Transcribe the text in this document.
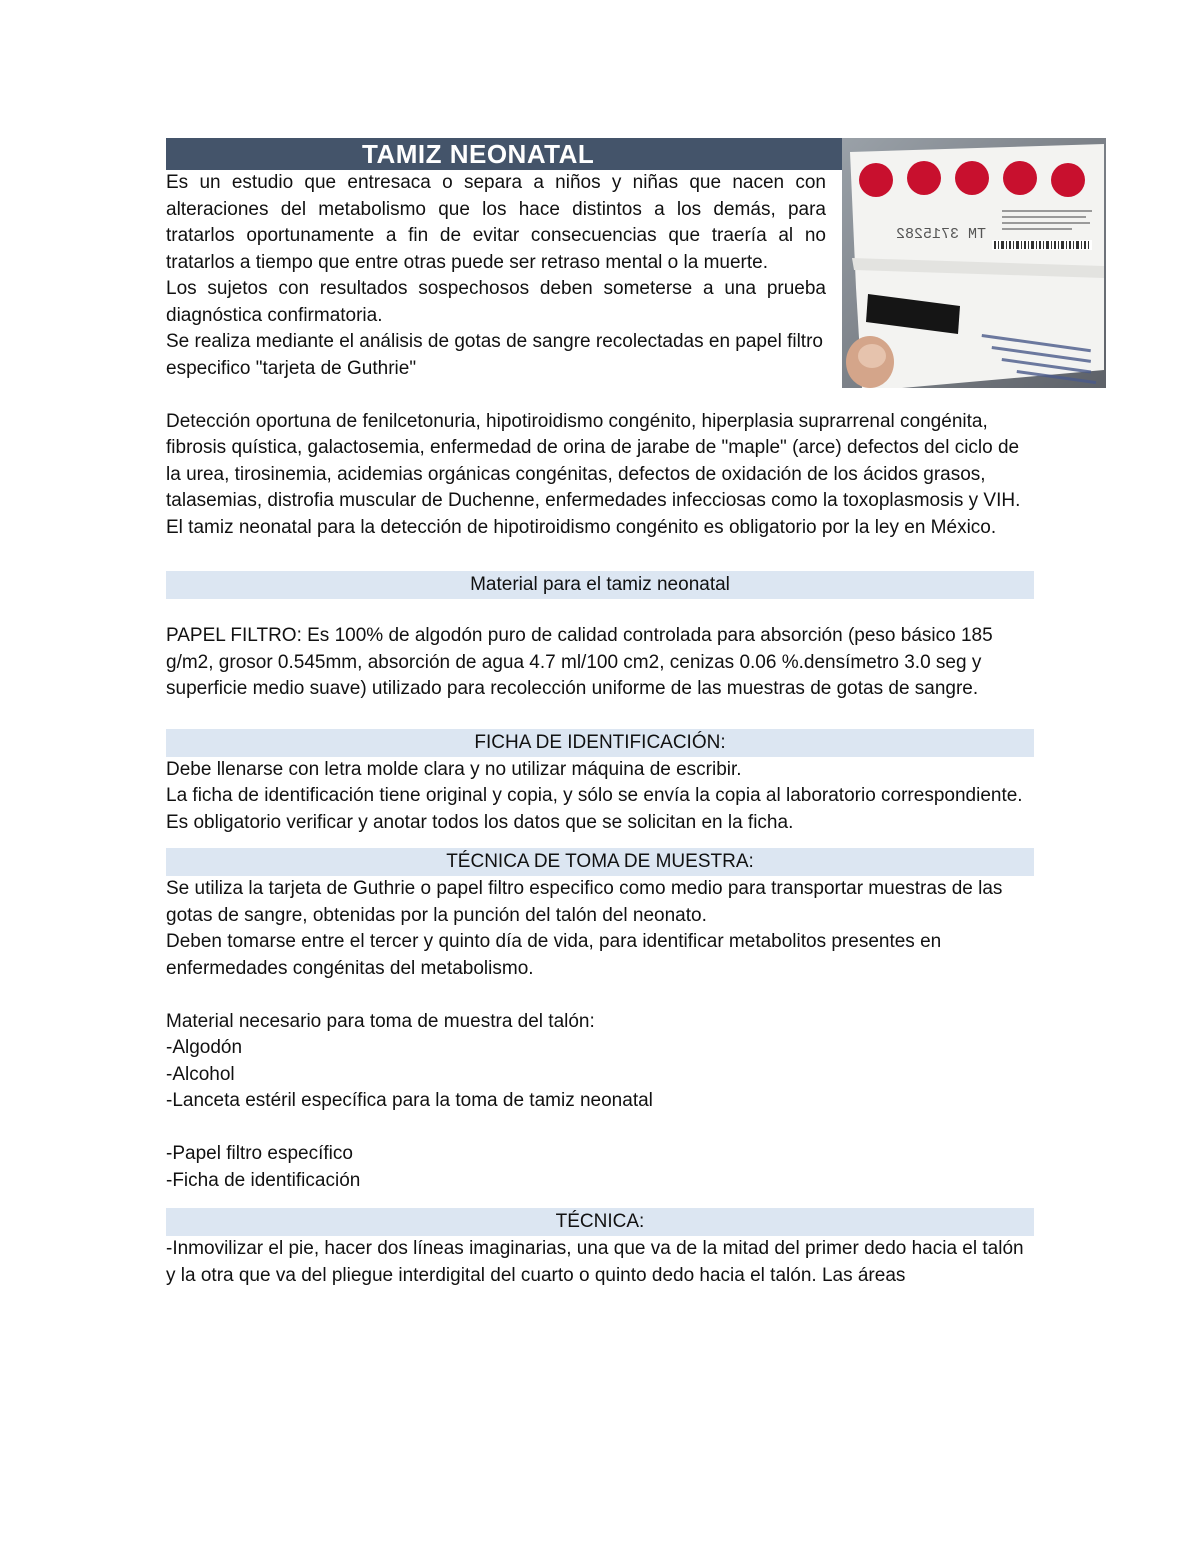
TAMIZ NEONATAL

Es un estudio que entresaca o separa a niños y niñas que nacen con alteraciones del metabolismo que los hace distintos a los demás, para tratarlos oportunamente a fin de evitar consecuencias que traería al no tratarlos a tiempo que entre otras puede ser retraso mental o la muerte.

Los sujetos con resultados sospechosos deben someterse a una prueba diagnóstica confirmatoria.

Se realiza mediante el análisis de gotas de sangre recolectadas en papel filtro especifico "tarjeta de Guthrie"

Detección oportuna de fenilcetonuria, hipotiroidismo congénito, hiperplasia suprarrenal congénita, fibrosis quística, galactosemia, enfermedad de orina de jarabe de "maple" (arce) defectos del ciclo de la urea, tirosinemia, acidemias orgánicas congénitas, defectos de oxidación de los ácidos grasos, talasemias, distrofia muscular de Duchenne, enfermedades infecciosas como la toxoplasmosis y VIH.

El tamiz neonatal para la detección de hipotiroidismo congénito es obligatorio por la ley en México.

Material para el tamiz neonatal

PAPEL FILTRO: Es 100% de algodón puro de calidad controlada para absorción (peso básico 185 g/m2, grosor 0.545mm, absorción de agua 4.7 ml/100 cm2, cenizas 0.06 %.densímetro 3.0 seg y superficie medio suave) utilizado para recolección uniforme de las muestras de gotas de sangre.

FICHA DE IDENTIFICACIÓN:

Debe llenarse con letra molde clara y no utilizar máquina de escribir.

La ficha de identificación tiene original y copia, y sólo se envía la copia al laboratorio correspondiente. Es obligatorio verificar y anotar todos los datos que se solicitan en la ficha.

TÉCNICA DE TOMA DE MUESTRA:

Se utiliza la tarjeta de Guthrie o papel filtro especifico como medio para transportar muestras de las gotas de sangre, obtenidas por la punción del talón del neonato.

Deben tomarse entre el tercer y quinto día de vida, para identificar metabolitos presentes en enfermedades congénitas del metabolismo.

Material necesario para toma de muestra del talón:

-Algodón

-Alcohol

-Lanceta estéril específica para la toma de tamiz neonatal

-Papel filtro específico

-Ficha de identificación

TÉCNICA:

-Inmovilizar el pie, hacer dos líneas imaginarias, una que va de la mitad del primer dedo hacia el talón y la otra que va del pliegue interdigital del cuarto o quinto dedo hacia el talón. Las áreas

TM 3715282
